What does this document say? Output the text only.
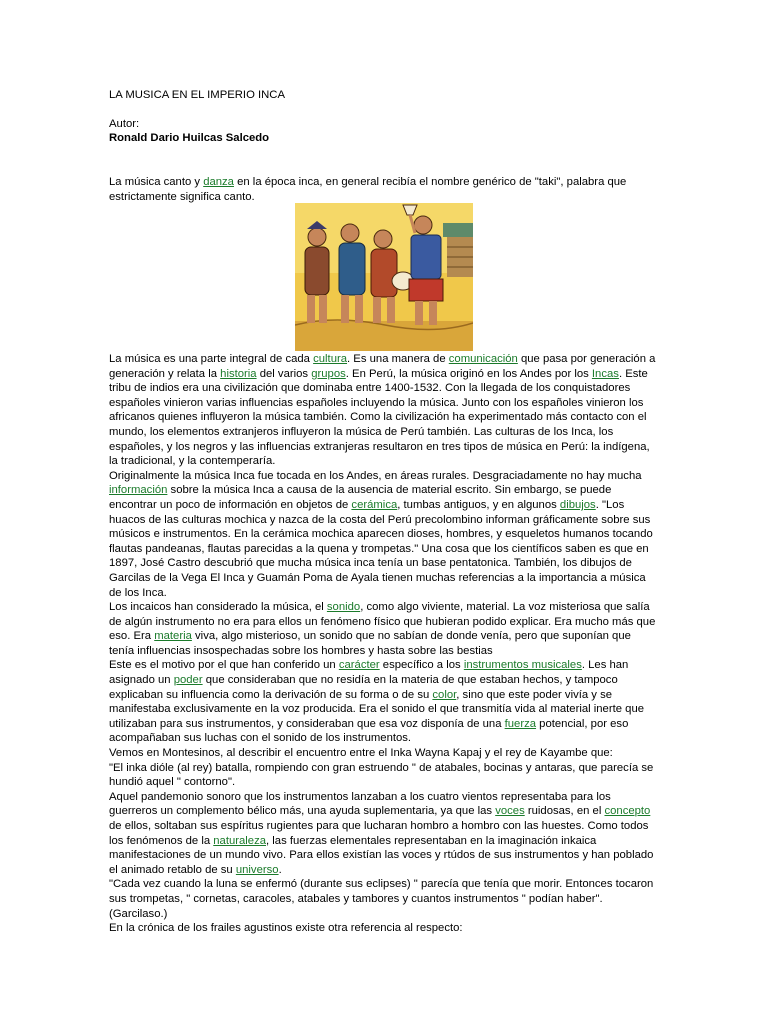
LA MUSICA EN EL IMPERIO INCA

Autor:

Ronald Dario Huilcas Salcedo

La música canto y danza en la época inca, en general recibía el nombre genérico de "taki", palabra que estrictamente significa canto.

La música es una parte integral de cada cultura. Es una manera de comunicación que pasa por generación a generación y relata la historia del varios grupos. En Perú, la música originó en los Andes por los Incas. Este tribu de indios era una civilización que dominaba entre 1400-1532. Con la llegada de los conquistadores españoles vinieron varias influencias españoles incluyendo la música. Junto con los españoles vinieron los africanos quienes influyeron la música también. Como la civilización ha experimentado más contacto con el mundo, los elementos extranjeros influyeron la música de Perú también. Las culturas de los Inca, los españoles, y los negros y las influencias extranjeras resultaron en tres tipos de música en Perú: la indígena, la tradicional, y la contemperaría.

Originalmente la música Inca fue tocada en los Andes, en áreas rurales. Desgraciadamente no hay mucha información sobre la música Inca a causa de la ausencia de material escrito. Sin embargo, se puede encontrar un poco de información en objetos de cerámica, tumbas antiguos, y en algunos dibujos. "Los huacos de las culturas mochica y nazca de la costa del Perú precolombino informan gráficamente sobre sus músicos e instrumentos. En la cerámica mochica aparecen dioses, hombres, y esqueletos humanos tocando flautas pandeanas, flautas parecidas a la quena y trompetas." Una cosa que los científicos saben es que en 1897, José Castro descubrió que mucha música inca tenía un base pentatonica. También, los dibujos de Garcilas de la Vega El Inca y Guamán Poma de Ayala tienen muchas referencias a la importancia a música de los Inca.

Los incaicos han considerado la música, el sonido, como algo viviente, material. La voz misteriosa que salía de algún instrumento no era para ellos un fenómeno físico que hubieran podido explicar. Era mucho más que eso. Era materia viva, algo misterioso, un sonido que no sabían de donde venía, pero que suponían que tenía influencias insospechadas sobre los hombres y hasta sobre las bestias

Este es el motivo por el que han conferido un carácter específico a los instrumentos musicales. Les han asignado un poder que consideraban que no residía en la materia de que estaban hechos, y tampoco explicaban su influencia como la derivación de su forma o de su color, sino que este poder vivía y se manifestaba exclusivamente en la voz producida. Era el sonido el que transmitía vida al material inerte que utilizaban para sus instrumentos, y consideraban que esa voz disponía de una fuerza potencial, por eso acompañaban sus luchas con el sonido de los instrumentos.

Vemos en Montesinos, al describir el encuentro entre el Inka Wayna Kapaj y el rey de Kayambe que:

"El inka dióle (al rey) batalla, rompiendo con gran estruendo " de atabales, bocinas y antaras, que parecía se hundió aquel " contorno".

Aquel pandemonio sonoro que los instrumentos lanzaban a los cuatro vientos representaba para los guerreros un complemento bélico más, una ayuda suplementaria, ya que las voces ruidosas, en el concepto de ellos, soltaban sus espíritus rugientes para que lucharan hombro a hombro con las huestes. Como todos los fenómenos de la naturaleza, las fuerzas elementales representaban en la imaginación inkaica manifestaciones de un mundo vivo. Para ellos existían las voces y rtúdos de sus instrumentos y han poblado el animado retablo de su universo.

"Cada vez cuando la luna se enfermó (durante sus eclipses) " parecía que tenía que morir. Entonces tocaron sus trompetas, " cornetas, caracoles, atabales y tambores y cuantos instrumentos " podían haber". (Garcilaso.)

En la crónica de los frailes agustinos existe otra referencia al respecto:
